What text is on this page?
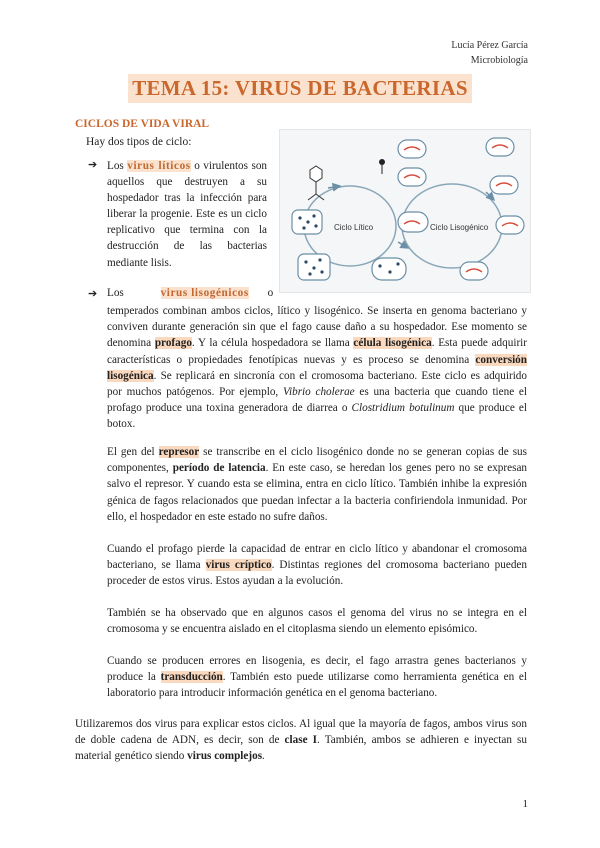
Lucía Pérez García
Microbiología
TEMA 15: VIRUS DE BACTERIAS
CICLOS DE VIDA VIRAL
Hay dos tipos de ciclo:
➔ Los virus líticos o virulentos son aquellos que destruyen a su hospedador tras la infección para liberar la progenie. Este es un ciclo replicativo que termina con la destrucción de las bacterias mediante lisis.
Ciclo Lítico	Ciclo Lisogénico
➔ Los	virus lisogénicos o
temperados combinan ambos ciclos, lítico y lisogénico. Se inserta en genoma bacteriano y conviven durante generación sin que el fago cause daño a su hospedador. Ese momento se denomina profago. Y la célula hospedadora se llama célula lisogénica. Esta puede adquirir características o propiedades fenotípicas nuevas y es proceso se denomina conversión lisogénica. Se replicará en sincronía con el cromosoma bacteriano. Este ciclo es adquirido por muchos patógenos. Por ejemplo, Vibrio cholerae es una bacteria que cuando tiene el profago produce una toxina generadora de diarrea o Clostridium botulinum que produce el botox.
El gen del represor se transcribe en el ciclo lisogénico donde no se generan copias de sus componentes, período de latencia. En este caso, se heredan los genes pero no se expresan salvo el represor. Y cuando esta se elimina, entra en ciclo lítico. También inhibe la expresión génica de fagos relacionados que puedan infectar a la bacteria confiriendola inmunidad. Por ello, el hospedador en este estado no sufre daños.
Cuando el profago pierde la capacidad de entrar en ciclo lítico y abandonar el cromosoma bacteriano, se llama virus críptico. Distintas regiones del cromosoma bacteriano pueden proceder de estos virus. Estos ayudan a la evolución.
También se ha observado que en algunos casos el genoma del virus no se integra en el cromosoma y se encuentra aislado en el citoplasma siendo un elemento episómico.
Cuando se producen errores en lisogenia, es decir, el fago arrastra genes bacterianos y produce la transducción. También esto puede utilizarse como herramienta genética en el laboratorio para introducir información genética en el genoma bacteriano.
Utilizaremos dos virus para explicar estos ciclos. Al igual que la mayoría de fagos, ambos virus son de doble cadena de ADN, es decir, son de clase I. También, ambos se adhieren e inyectan su material genético siendo virus complejos.
1
